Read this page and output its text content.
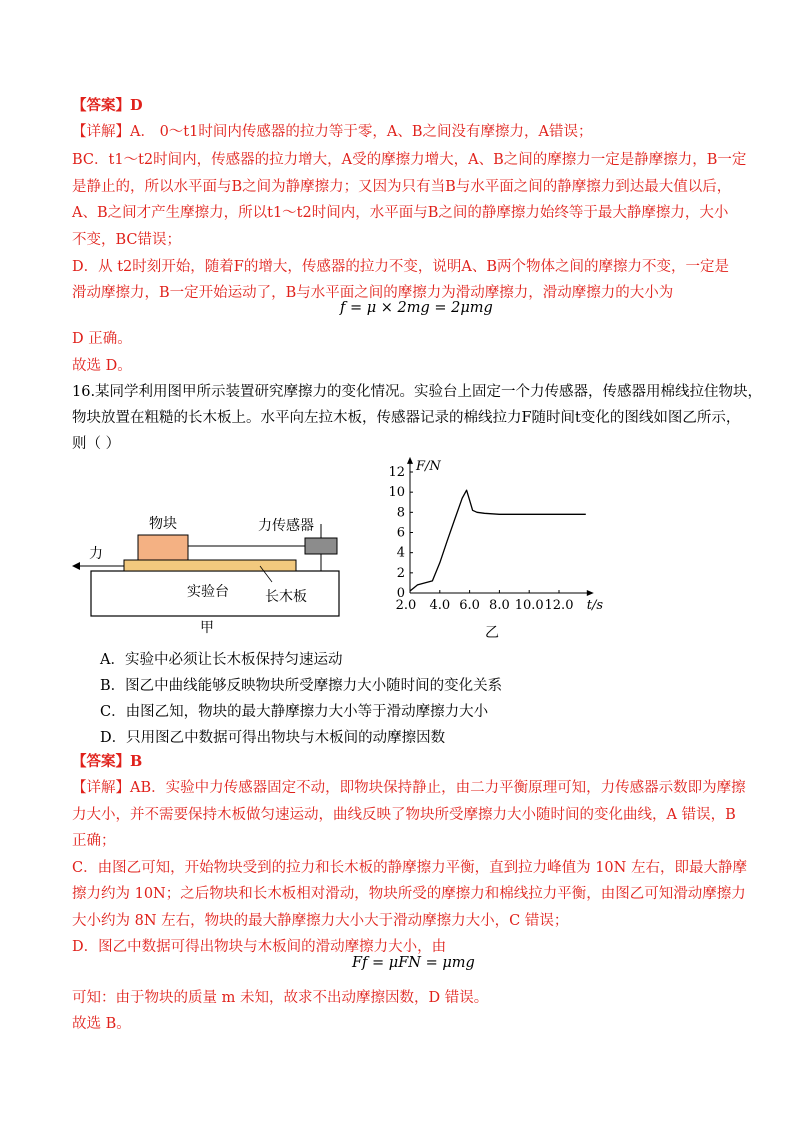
【答案】D
【详解】A． 0～t1时间内传感器的拉力等于零，A、B之间没有摩擦力，A错误；
BC．t1～t2时间内，传感器的拉力增大，A受的摩擦力增大，A、B之间的摩擦力一定是静摩擦力，B一定
是静止的，所以水平面与B之间为静摩擦力；又因为只有当B与水平面之间的静摩擦力到达最大值以后，
A、B之间才产生摩擦力，所以t1～t2时间内，水平面与B之间的静摩擦力始终等于最大静摩擦力，大小
不变，BC错误；
D．从 t2时刻开始，随着F的增大，传感器的拉力不变，说明A、B两个物体之间的摩擦力不变，一定是
滑动摩擦力，B一定开始运动了，B与水平面之间的摩擦力为滑动摩擦力，滑动摩擦力的大小为
f = μ × 2mg = 2μmg
D 正确。
故选 D。
16.某同学利用图甲所示装置研究摩擦力的变化情况。实验台上固定一个力传感器，传感器用棉线拉住物块，
物块放置在粗糙的长木板上。水平向左拉木板，传感器记录的棉线拉力F随时间t变化的图线如图乙所示，
则（ ）
物块	力传感器
力
实验台	长木板
甲
0
2
4
6
8
10
12
2.0 4.0 6.0 8.0 10.0 12.0
F/N
t/s
乙
A．实验中必须让长木板保持匀速运动
B．图乙中曲线能够反映物块所受摩擦力大小随时间的变化关系
C．由图乙知，物块的最大静摩擦力大小等于滑动摩擦力大小
D．只用图乙中数据可得出物块与木板间的动摩擦因数
【答案】B
【详解】AB．实验中力传感器固定不动，即物块保持静止，由二力平衡原理可知，力传感器示数即为摩擦
力大小，并不需要保持木板做匀速运动，曲线反映了物块所受摩擦力大小随时间的变化曲线，A 错误，B
正确；
C．由图乙可知，开始物块受到的拉力和长木板的静摩擦力平衡，直到拉力峰值为 10N 左右，即最大静摩
擦力约为 10N；之后物块和长木板相对滑动，物块所受的摩擦力和棉线拉力平衡，由图乙可知滑动摩擦力
大小约为 8N 左右，物块的最大静摩擦力大小大于滑动摩擦力大小，C 错误；
D．图乙中数据可得出物块与木板间的滑动摩擦力大小，由
Ff = μFN = μmg
可知：由于物块的质量 m 未知，故求不出动摩擦因数，D 错误。
故选 B。
